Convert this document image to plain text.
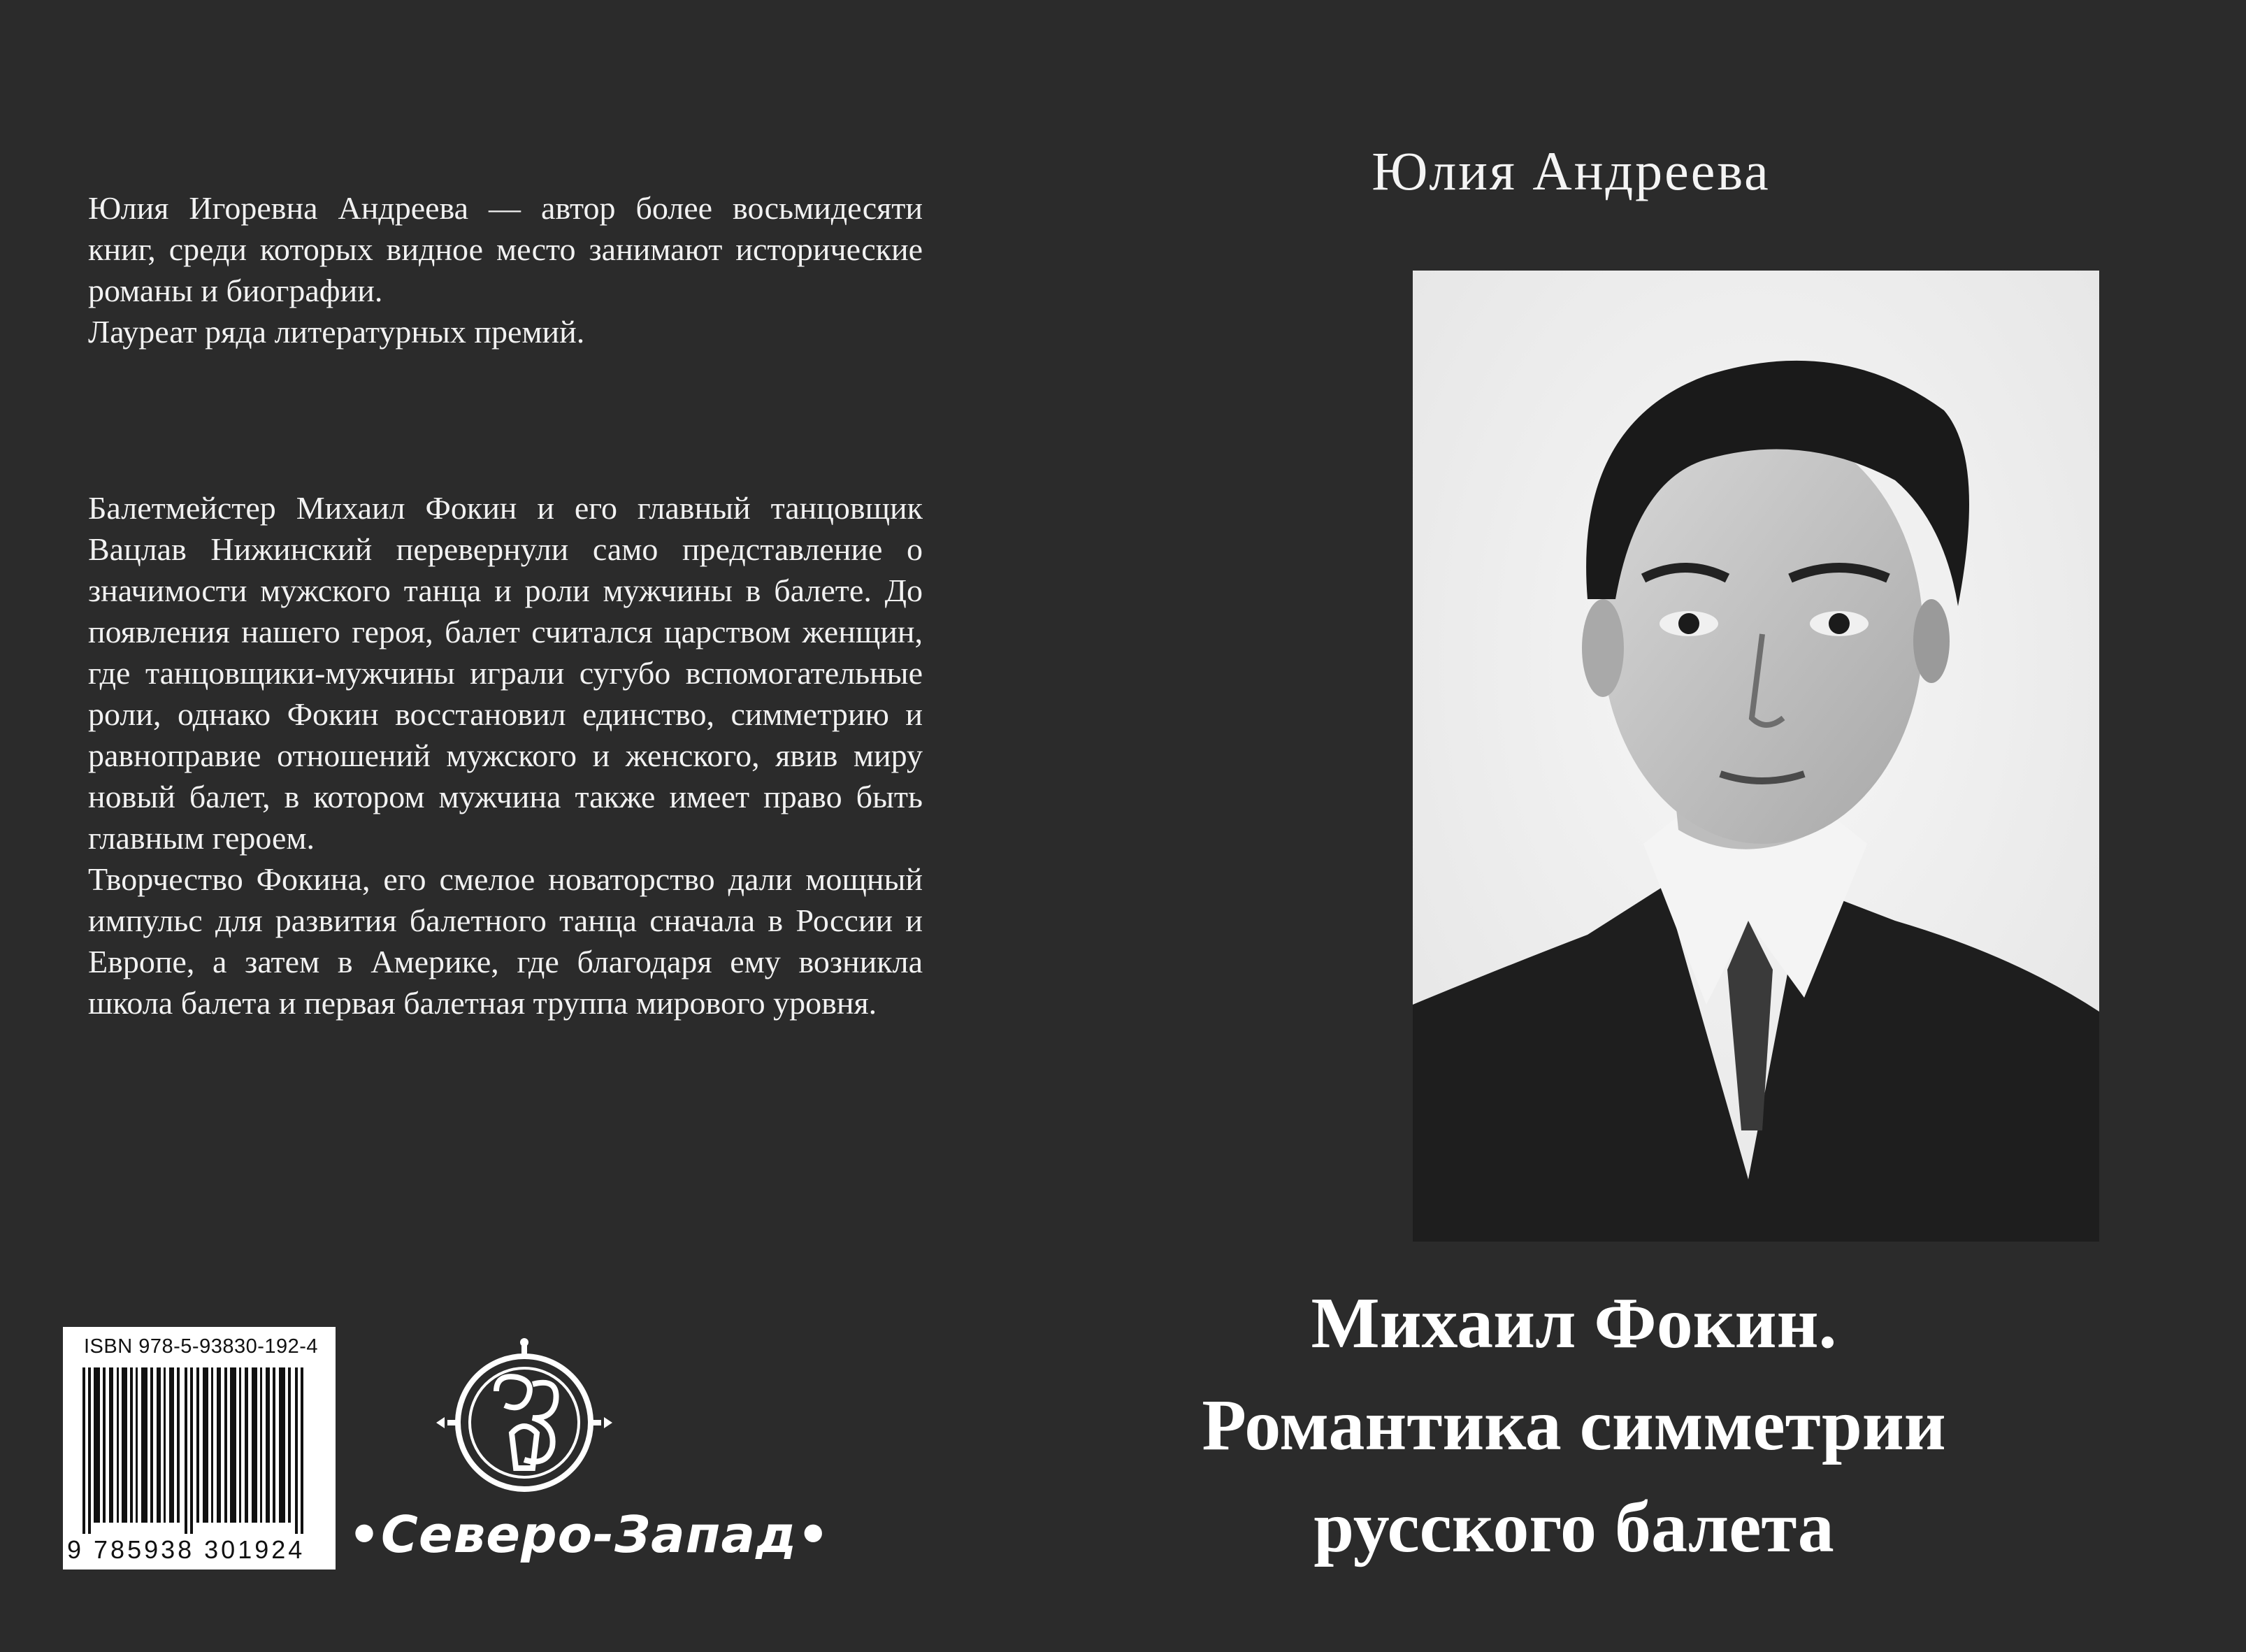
Юлия Игоревна Андреева — автор более восьмидесяти книг, среди которых видное место занимают исторические романы и биографии.

Лауреат ряда литературных премий.

Балетмейстер Михаил Фокин и его главный танцовщик Вацлав Нижинский перевернули само представление о значимости мужского танца и роли мужчины в балете. До появления нашего героя, балет считался царством женщин, где танцовщики-мужчины играли сугубо вспомогательные роли, однако Фокин восстановил единство, симметрию и равноправие отношений мужского и женского, явив миру новый балет, в котором мужчина также имеет право быть главным героем.

Творчество Фокина, его смелое новаторство дали мощный импульс для развития балетного танца сначала в России и Европе, а затем в Америке, где благодаря ему возникла школа балета и первая балетная труппа мирового уровня.

ISBN 978-5-93830-192-4
9 785938 301924 •Северо-Запад•
Юлия Андреева
Михаил Фокин.
Романтика симметрии
русского балета
